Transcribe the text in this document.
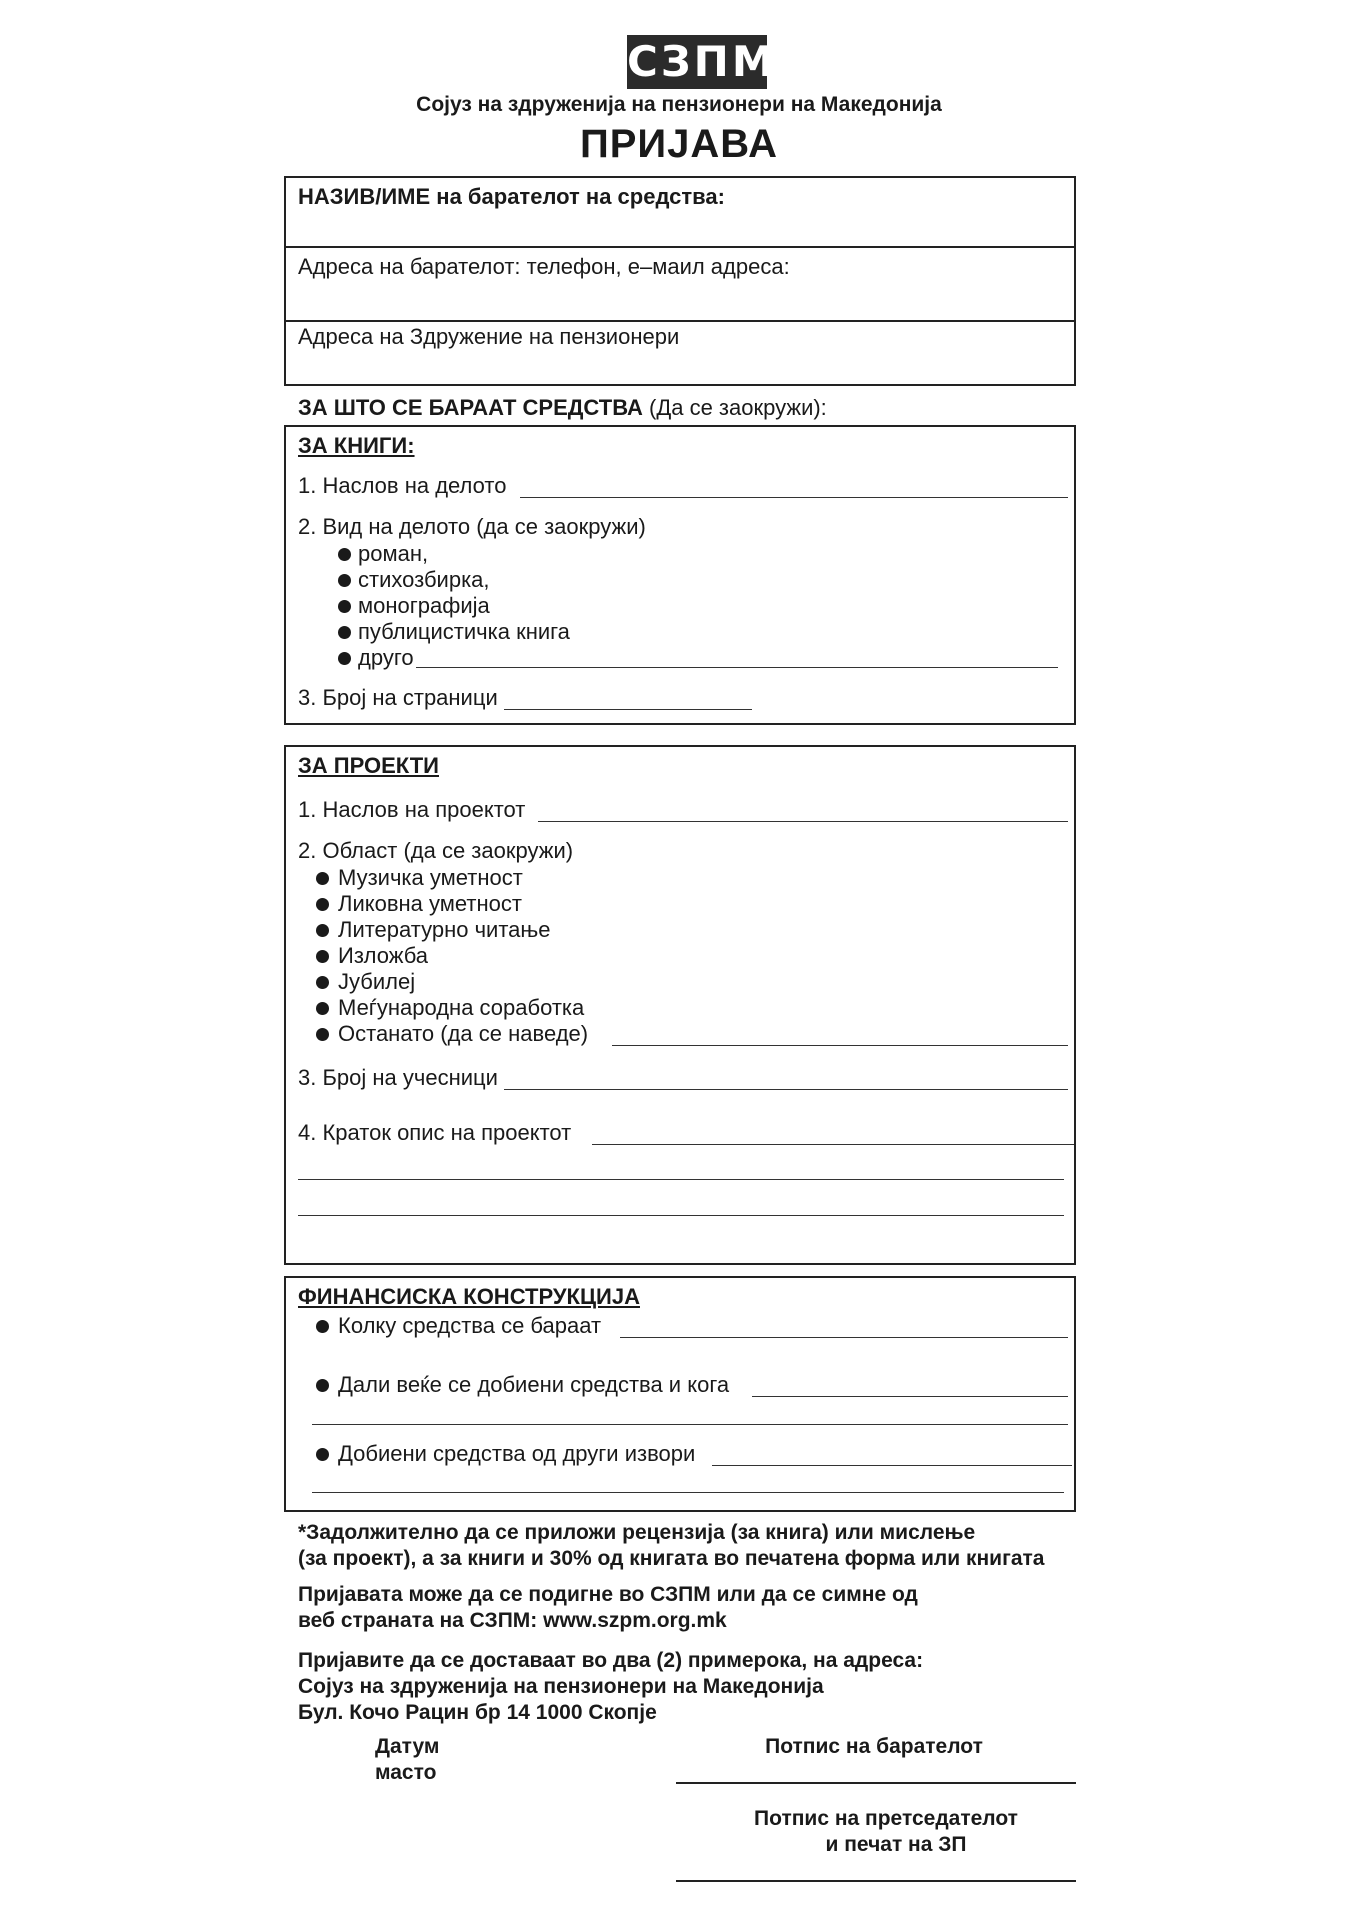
СЗПМ
Сојуз на здруженија на пензионери на Македонија
ПРИЈАВА
НАЗИВ/ИМЕ на барателот на средства:
Адреса на барателот: телефон, е–маил адреса:
Адреса на Здружение на пензионери
ЗА ШТО СЕ БАРААТ СРЕДСТВА (Да се заокружи):
ЗА КНИГИ:
1. Наслов на делото
2. Вид на делото (да се заокружи)
роман,
стихозбирка,
монографија
публицистичка книга
друго
3. Број на страници
ЗА ПРОЕКТИ
1. Наслов на проектот
2. Област (да се заокружи)
Музичка уметност
Ликовна уметност
Литературно читање
Изложба
Јубилеј
Меѓународна соработка
Останато (да се наведе)
3. Број на учесници
4. Краток опис на проектот
ФИНАНСИСКА КОНСТРУКЦИЈА
Колку средства се бараат
Дали веќе се добиени средства и кога
Добиени средства од други извори
*Задолжително да се приложи рецензија (за книга) или мислење
(за проект), а за книги и 30% од книгата во печатена форма или книгата
Пријавата може да се подигне во СЗПМ или да се симне од
веб страната на СЗПМ: www.szpm.org.mk
Пријавите да се доставаат во два (2) примерока, на адреса:
Сојуз на здруженија на пензионери на Македонија
Бул. Кочо Рацин бр 14 1000 Скопје
Датум
масто
Потпис на барателот
Потпис на претседателот
и печат на ЗП
